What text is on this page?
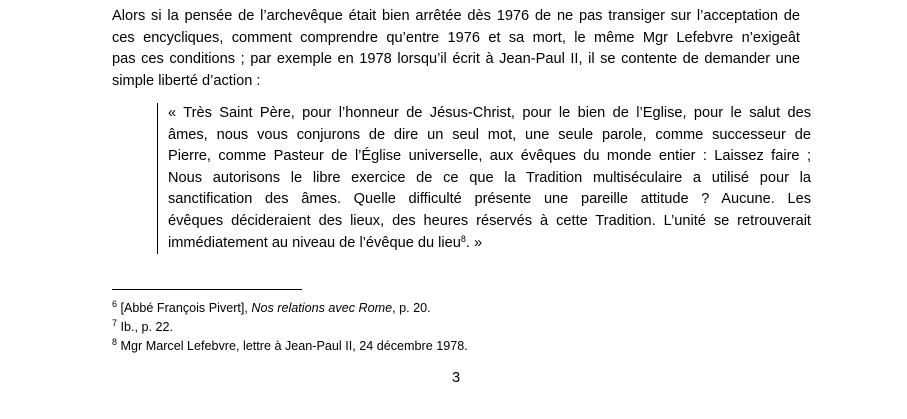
Alors si la pensée de l’archevêque était bien arrêtée dès 1976 de ne pas transiger sur l’acceptation de
ces encycliques, comment comprendre qu’entre 1976 et sa mort, le même Mgr Lefebvre n’exigeât
pas ces conditions ; par exemple en 1978 lorsqu’il écrit à Jean-Paul II, il se contente de demander une
simple liberté d’action :

« Très Saint Père, pour l’honneur de Jésus-Christ, pour le bien de l’Eglise, pour le salut des
âmes, nous vous conjurons de dire un seul mot, une seule parole, comme successeur de
Pierre, comme Pasteur de l’Église universelle, aux évêques du monde entier : Laissez faire ;
Nous autorisons le libre exercice de ce que la Tradition multiséculaire a utilisé pour la
sanctification des âmes. Quelle difficulté présente une pareille attitude ? Aucune. Les
évêques décideraient des lieux, des heures réservés à cette Tradition. L’unité se retrouverait
immédiatement au niveau de l’évêque du lieu$^8$. »
$^6$ [Abbé François Pivert], Nos relations avec Rome, p. 20.
$^7$ Ib., p. 22.
$^8$ Mgr Marcel Lefebvre, lettre à Jean-Paul II, 24 décembre 1978.
3
